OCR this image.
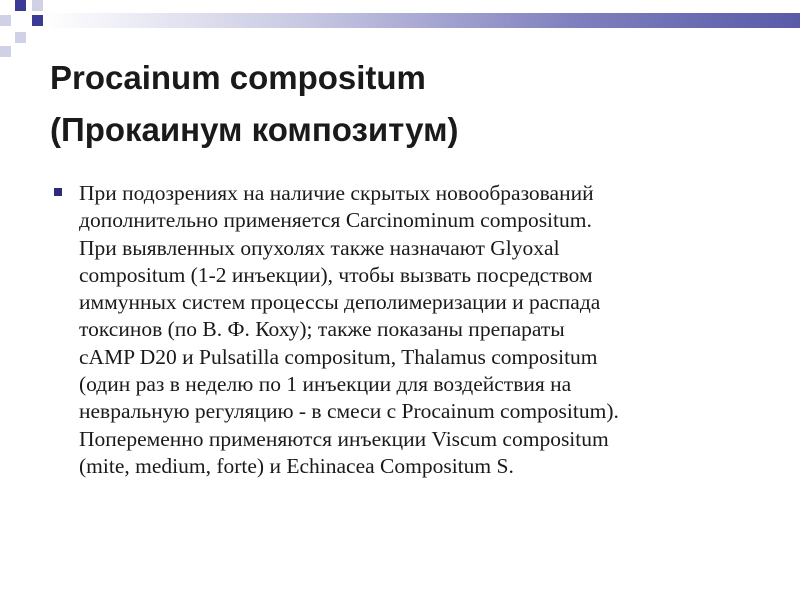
Procainum compositum
(Прокаинум композитум)

При подозрениях на наличие скрытых новообразований
дополнительно применяется Carcinominum compositum.
При выявленных опухолях также назначают Glyoxal
compositum (1-2 инъекции), чтобы вызвать посредством
иммунных систем процессы деполимеризации и распада
токсинов (по В. Ф. Коху); также показаны препараты
cAMP D20 и Pulsatilla compositum, Thalamus compositum
(один раз в неделю по 1 инъекции для воздействия на
невральную регуляцию - в смеси с Procainum compositum).
Попеременно применяются инъекции Viscum compositum
(mite, medium, forte) и Echinacea Compositum S.
